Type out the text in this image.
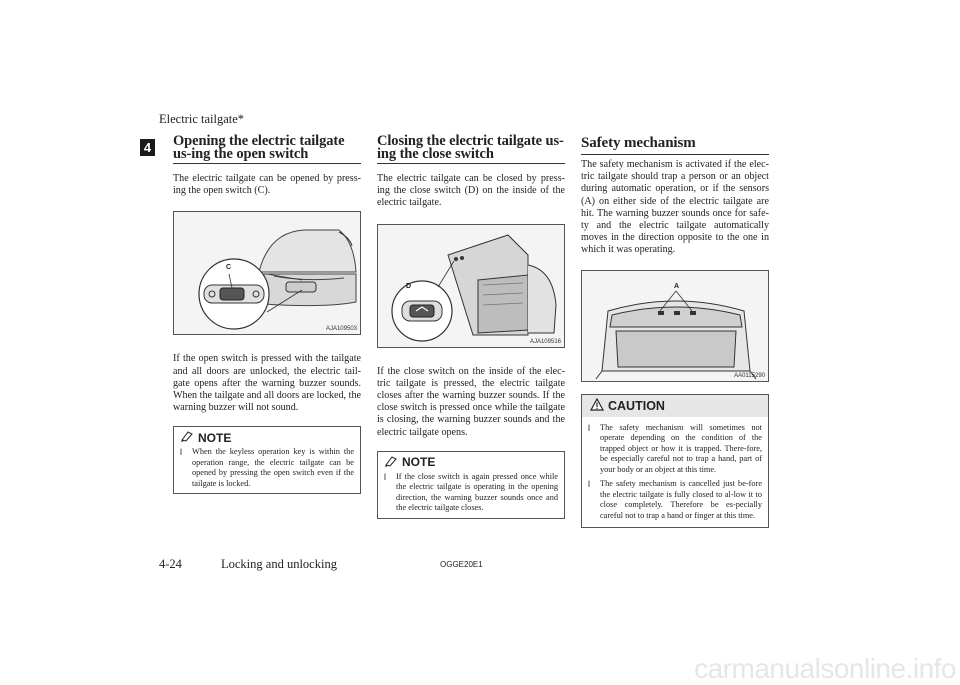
Electric tailgate*
4 Opening the electric tailgate us-ing the open switch

The electric tailgate can be opened by press-ing the open switch (C).

C
AJA109503

If the open switch is pressed with the tailgate and all doors are unlocked, the electric tail-gate opens after the warning buzzer sounds. When the tailgate and all doors are locked, the warning buzzer will not sound.

NOTE
l	When the keyless operation key is within the operation range, the electric tailgate can be opened by pressing the open switch even if the tailgate is locked.
Closing the electric tailgate us-ing the close switch

The electric tailgate can be closed by press-ing the close switch (D) on the inside of the electric tailgate.

D
AJA109516

If the close switch on the inside of the elec-tric tailgate is pressed, the electric tailgate closes after the warning buzzer sounds. If the close switch is pressed once while the tailgate is closing, the warning buzzer sounds and the electric tailgate opens.

NOTE
l	If the close switch is again pressed once while the electric tailgate is operating in the opening direction, the warning buzzer sounds once and the electric tailgate closes.
Safety mechanism

The safety mechanism is activated if the elec-tric tailgate should trap a person or an object during automatic operation, or if the sensors (A) on either side of the electric tailgate are hit. The warning buzzer sounds once for safe-ty and the electric tailgate automatically moves in the direction opposite to the one in which it was operating.

A
AA0115290
CAUTION
l	The safety mechanism will sometimes not operate depending on the condition of the trapped object or how it is trapped. There-fore, be especially careful not to trap a hand, part of your body or an object at this time.
l	The safety mechanism is cancelled just be-fore the electric tailgate is fully closed to al-low it to close completely. Therefore be es-pecially careful not to trap a hand or finger at this time.
4-24	Locking and unlocking	OGGE20E1
carmanualsonline.info
